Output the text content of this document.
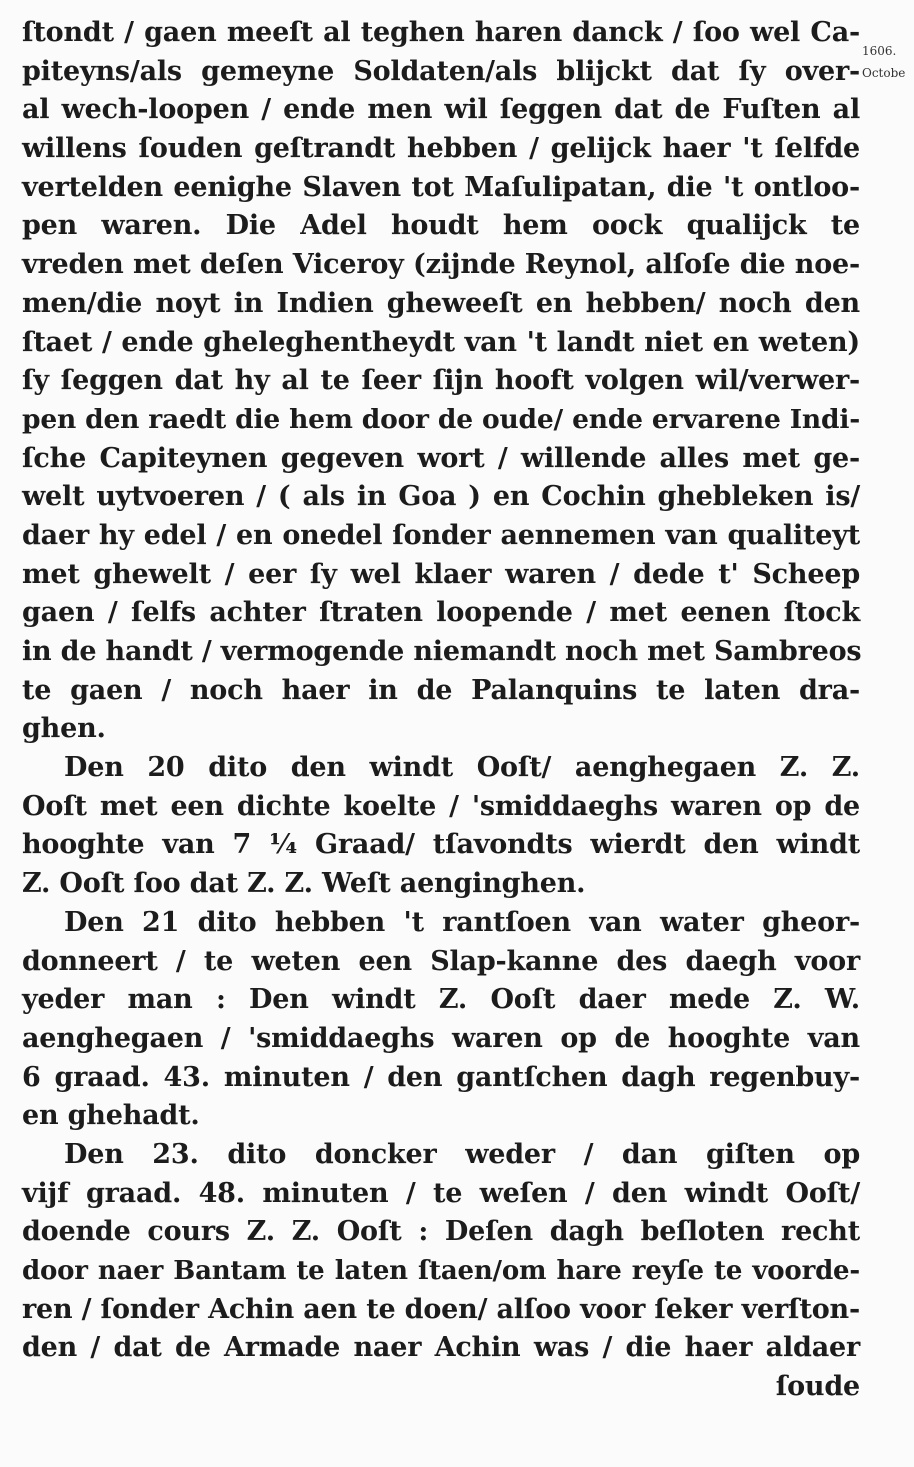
ſtondt / gaen meeſt al teghen haren danck / ſoo wel Ca-
piteyns/als gemeyne Soldaten/als blijckt dat ſy over-
al wech-loopen / ende men wil ſeggen dat de Fuſten al
willens ſouden geſtrandt hebben / gelijck haer 't ſelfde
vertelden eenighe Slaven tot Maſulipatan, die 't ontloo-
pen waren. Die Adel houdt hem oock qualijck te
vreden met deſen Viceroy (zijnde Reynol, alſoſe die noe-
men/die noyt in Indien gheweeſt en hebben/ noch den
ſtaet / ende gheleghentheydt van 't landt niet en weten)
ſy ſeggen dat hy al te ſeer ſijn hooft volgen wil/verwer-
pen den raedt die hem door de oude/ ende ervarene Indi-
ſche Capiteynen gegeven wort / willende alles met ge-
welt uytvoeren / ( als in Goa ) en Cochin ghebleken is/
daer hy edel / en onedel ſonder aennemen van qualiteyt
met ghewelt / eer ſy wel klaer waren / dede t' Scheep
gaen / ſelfs achter ſtraten loopende / met eenen ſtock
in de handt / vermogende niemandt noch met Sambreos
te gaen / noch haer in de Palanquins te laten dra-
ghen.
Den 20 dito den windt Ooſt/ aenghegaen Z. Z.
Ooſt met een dichte koelte / 'smiddaeghs waren op de
hooghte van 7 ¼ Graad/ tſavondts wierdt den windt
Z. Ooſt ſoo dat Z. Z. Weſt aenginghen.
Den 21 dito hebben 't rantſoen van water gheor-
donneert / te weten een Slap-kanne des daegh voor
yeder man : Den windt Z. Ooſt daer mede Z. W.
aenghegaen / 'smiddaeghs waren op de hooghte van
6 graad. 43. minuten / den gantſchen dagh regenbuy-
en ghehadt.
Den 23. dito doncker weder / dan giſten op
vijf graad. 48. minuten / te weſen / den windt Ooſt/
doende cours Z. Z. Ooſt : Deſen dagh beſloten recht
door naer Bantam te laten ſtaen/om hare reyſe te voorde-
ren / ſonder Achin aen te doen/ alſoo voor ſeker verſton-
den / dat de Armade naer Achin was / die haer aldaer
ſoude
1606.
Octobe
